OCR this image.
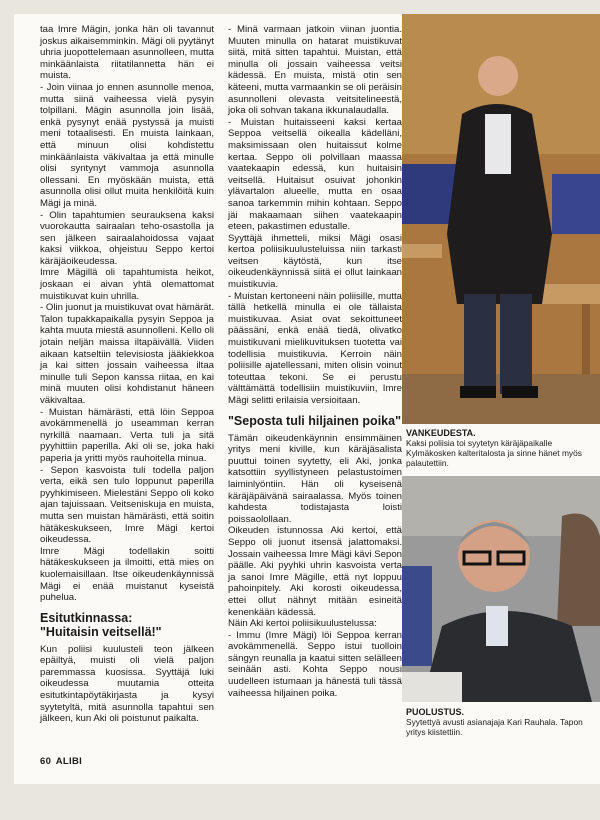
taa Imre Mägin, jonka hän oli tavannut joskus aikaisemminkin. Mägi oli pyytänyt uhria juopottelemaan asunnolleen, mutta minkäänlaista riitatilannetta hän ei muista.

- Join viinaa jo ennen asunnolle menoa, mutta siinä vaiheessa vielä pysyin tolpillani. Mägin asunnolla join lisää, enkä pysynyt enää pystyssä ja muisti meni totaalisesti. En muista lainkaan, että minuun olisi kohdistettu minkäänlaista väkivaltaa ja että minulle olisi syntynyt vammoja asunnolla ollessani. En myöskään muista, että asunnolla olisi ollut muita henkilöitä kuin Mägi ja minä.

- Olin tapahtumien seurauksena kaksi vuorokautta sairaalan teho-osastolla ja sen jälkeen sairaalahoidossa vajaat kaksi viikkoa, ohjeistuu Seppo kertoi käräjäoikeudessa.

Imre Mägillä oli tapahtumista heikot, joskaan ei aivan yhtä olemattomat muistikuvat kuin uhrilla.

- Olin juonut ja muistikuvat ovat hämärät. Talon tupakkapaikalla pysyin Seppoa ja kahta muuta miestä asunnolleni. Kello oli jotain neljän maissa iltapäivällä. Viiden aikaan katseltiin televisiosta jääkiekkoa ja kai sitten jossain vaiheessa iltaa minulle tuli Sepon kanssa riitaa, en kai minä muuten olisi kohdistanut häneen väkivaltaa.

- Muistan hämärästi, että löin Seppoa avokämmenellä jo useamman kerran nyrkillä naamaan. Verta tuli ja sitä pyyhittiin paperilla. Aki oli se, joka haki paperia ja yritti myös rauhoitella minua.

- Sepon kasvoista tuli todella paljon verta, eikä sen tulo loppunut paperilla pyyhkimiseen. Mielestäni Seppo oli koko ajan tajuissaan. Veitseniskuja en muista, mutta sen muistan hämärästi, että soitin hätäkeskukseen, Imre Mägi kertoi oikeudessa.

Imre Mägi todellakin soitti hätäkeskukseen ja ilmoitti, että mies on kuolemaisillaan. Itse oikeudenkäynnissä Mägi ei enää muistanut kyseistä puhelua.

Esitutkinnassa:
"Huitaisin veitsellä!"

Kun poliisi kuulusteli teon jälkeen epäiltyä, muisti oli vielä paljon paremmassa kuosissa. Syyttäjä luki oikeudessa muutamia otteita esitutkintapöytäkirjasta ja kysyi syytetyltä, mitä asunnolla tapahtui sen jälkeen, kun Aki oli poistunut paikalta.

- Minä varmaan jatkoin viinan juontia. Muuten minulla on hatarat muistikuvat siitä, mitä sitten tapahtui. Muistan, että minulla oli jossain vaiheessa veitsi kädessä. En muista, mistä otin sen käteeni, mutta varmaankin se oli peräisin asunnolleni olevasta veitsitelineestä, joka oli sohvan takana ikkunalaudalla.

- Muistan huitaisseeni kaksi kertaa Seppoa veitsellä oikealla kädelläni, maksimissaan olen huitaissut kolme kertaa. Seppo oli polvillaan maassa vaatekaapin edessä, kun huitaisin veitsellä. Huitaisut osuivat johonkin ylävartalon alueelle, mutta en osaa sanoa tarkemmin mihin kohtaan. Seppo jäi makaamaan siihen vaatekaapin eteen, pakastimen edustalle.

Syyttäjä ihmetteli, miksi Mägi osasi kertoa poliisikuulusteluissa niin tarkasti veitsen käytöstä, kun itse oikeudenkäynnissä siitä ei ollut lainkaan muistikuvia.

- Muistan kertoneeni näin poliisille, mutta tällä hetkellä minulla ei ole tällaista muistikuvaa. Asiat ovat sekoittuneet päässäni, enkä enää tiedä, olivatko muistikuvani mielikuvituksen tuotetta vai todellisia muistikuvia. Kerroin näin poliisille ajatellessani, miten olisin voinut toteuttaa tekoni. Se ei perustu välttämättä todellisiin muistikuviin, Imre Mägi selitti erilaisia versioitaan.

"Seposta tuli hiljainen poika"

Tämän oikeudenkäynnin ensimmäinen yritys meni kiville, kun käräjäsalista puuttui toinen syytetty, eli Aki, jonka katsottiin syyllistyneen pelastustoimen laiminlyöntiin. Hän oli kyseisenä käräjäpäivänä sairaalassa. Myös toinen kahdesta todistajasta loisti poissaolollaan.

Oikeuden istunnossa Aki kertoi, että Seppo oli juonut itsensä jalattomaksi. Jossain vaiheessa Imre Mägi kävi Sepon päälle. Aki pyyhki uhrin kasvoista verta ja sanoi Imre Mägille, että nyt loppuu pahoinpitely. Aki korosti oikeudessa, ettei ollut nähnyt mitään esineitä kenenkään kädessä.

Näin Aki kertoi poliisikuulustelussa:

- Immu (Imre Mägi) löi Seppoa kerran avokämmenellä. Seppo istui tuolloin sängyn reunalla ja kaatui sitten selälleen seinään asti. Kohta Seppo nousi uudelleen istumaan ja hänestä tuli tässä vaiheessa hiljainen poika.

VANKEUDESTA.
Kaksi poliisia toi syytetyn käräjäpaikalle Kylmäkosken kalteritalosta ja sinne hänet myös palautettiin.
PUOLUSTUS.
Syytettyä avusti asianajaja Kari Rauhala. Tapon yritys kiistettiin.
60 ALIBI
